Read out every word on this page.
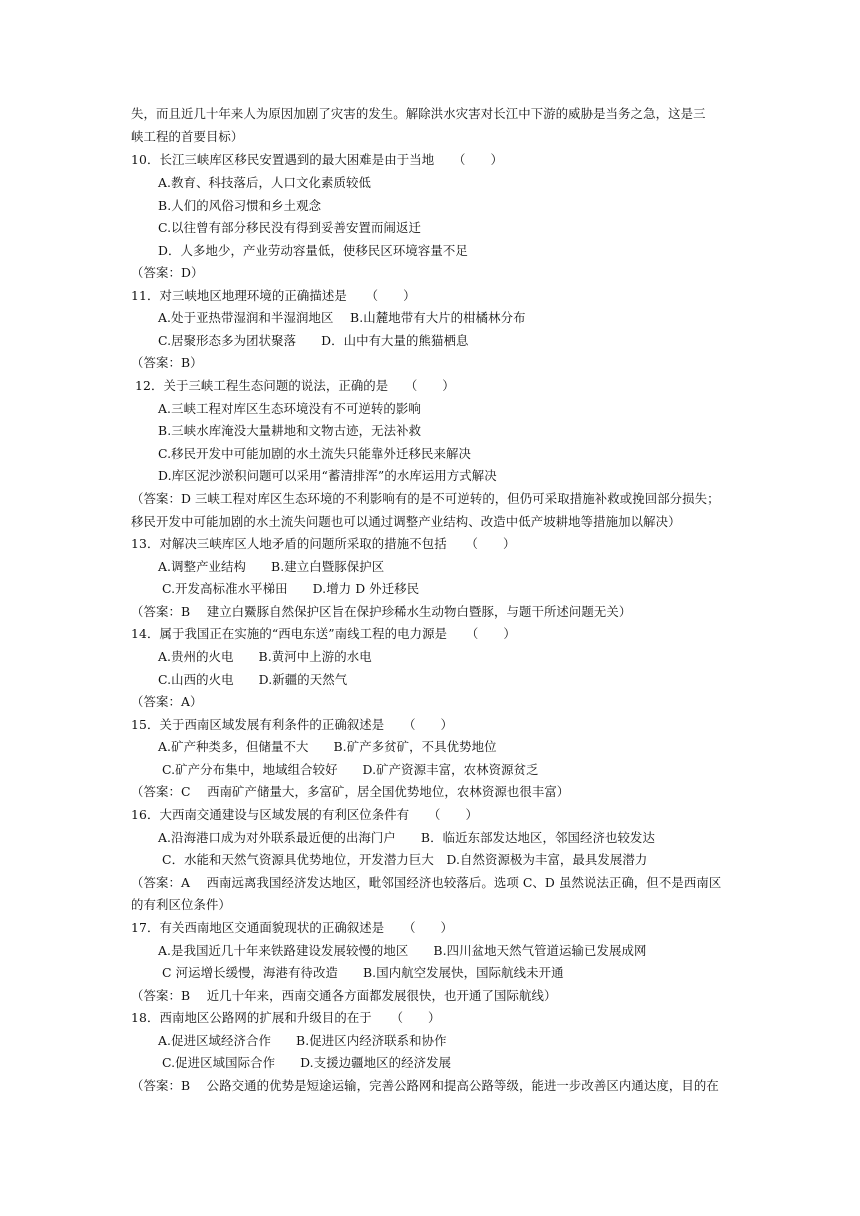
失，而且近几十年来人为原因加剧了灾害的发生。解除洪水灾害对长江中下游的威胁是当务之急，这是三
峡工程的首要目标）
10．长江三峡库区移民安置遇到的最大困难是由于当地　　（　　）
A.教育、科技落后，人口文化素质较低
B.人们的风俗习惯和乡土观念
C.以往曾有部分移民没有得到妥善安置而闹返迁
D．人多地少，产业劳动容量低，使移民区环境容量不足
（答案：D）
11．对三峡地区地理环境的正确描述是　　（　　）
A.处于亚热带湿润和半湿润地区　 B.山麓地带有大片的柑橘林分布
C.居聚形态多为团状聚落　　D．山中有大量的熊猫栖息
（答案：B）
12．关于三峡工程生态问题的说法，正确的是　 （　　）
A.三峡工程对库区生态环境没有不可逆转的影响
B.三峡水库淹没大量耕地和文物古迹，无法补救
C.移民开发中可能加剧的水土流失只能靠外迁移民来解决
D.库区泥沙淤积问题可以采用“蓄清排浑”的水库运用方式解决
（答案：D 三峡工程对库区生态环境的不利影响有的是不可逆转的，但仍可采取措施补救或挽回部分损失；
移民开发中可能加剧的水土流失问题也可以通过调整产业结构、改造中低产坡耕地等措施加以解决）
13．对解决三峡库区人地矛盾的问题所采取的措施不包括　　（　　）
A.调整产业结构　　B.建立白暨豚保护区
C.开发高标准水平梯田　　D.增力 D 外迁移民
（答案：B　 建立白鱀豚自然保护区旨在保护珍稀水生动物白暨豚，与题干所述问题无关）
14．属于我国正在实施的“西电东送”南线工程的电力源是　　（　　）
A.贵州的火电　　B.黄河中上游的水电
C.山西的火电　　D.新疆的天然气
（答案：A）
15．关于西南区域发展有利条件的正确叙述是　　（　　）
A.矿产种类多，但储量不大　　B.矿产多贫矿，不具优势地位
C.矿产分布集中，地域组合较好　　D.矿产资源丰富，农林资源贫乏
（答案：C　 西南矿产储量大，多富矿，居全国优势地位，农林资源也很丰富）
16．大西南交通建设与区域发展的有利区位条件有　　（　　）
A.沿海港口成为对外联系最近便的出海门户　　B．临近东部发达地区，邻国经济也较发达
C．水能和天然气资源具优势地位，开发潜力巨大　D.自然资源极为丰富，最具发展潜力
（答案：A　 西南远离我国经济发达地区，毗邻国经济也较落后。选项 C、D 虽然说法正确，但不是西南区
的有利区位条件）
17．有关西南地区交通面貌现状的正确叙述是　　（　　）
A.是我国近几十年来铁路建设发展较慢的地区　　B.四川盆地天然气管道运输已发展成网
C 河运增长缓慢，海港有待改造　　B.国内航空发展快，国际航线未开通
（答案：B　 近几十年来，西南交通各方面都发展很快，也开通了国际航线）
18．西南地区公路网的扩展和升级目的在于　　（　　）
A.促进区域经济合作　　B.促进区内经济联系和协作
C.促进区域国际合作　　D.支援边疆地区的经济发展
（答案：B　 公路交通的优势是短途运输，完善公路网和提高公路等级，能进一步改善区内通达度，目的在
